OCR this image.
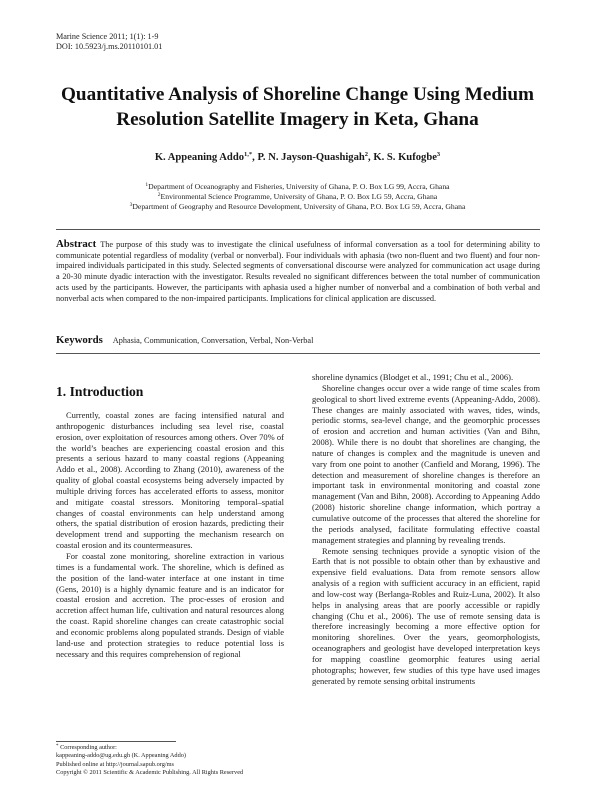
Marine Science 2011; 1(1): 1-9
DOI: 10.5923/j.ms.20110101.01
Quantitative Analysis of Shoreline Change Using Medium
Resolution Satellite Imagery in Keta, Ghana
K. Appeaning Addo$^{1,*}$, P. N. Jayson-Quashigah$^2$, K. S. Kufogbe$^3$
$^1$Department of Oceanography and Fisheries, University of Ghana, P. O. Box LG 99, Accra, Ghana
$^2$Environmental Science Programme, University of Ghana, P. O. Box LG 59, Accra, Ghana
$^3$Department of Geography and Resource Development, University of Ghana, P.O. Box LG 59, Accra, Ghana
Abstract The purpose of this study was to investigate the clinical usefulness of informal conversation as a tool for determining ability to communicate potential regardless of modality (verbal or nonverbal). Four individuals with aphasia (two non-fluent and two fluent) and four non-impaired individuals participated in this study. Selected segments of conversational discourse were analyzed for communication act usage during a 20-30 minute dyadic interaction with the investigator. Results revealed no significant differences between the total number of communication acts used by the participants. However, the participants with aphasia used a higher number of nonverbal and a combination of both verbal and nonverbal acts when compared to the non-impaired participants. Implications for clinical application are discussed.
Keywords Aphasia, Communication, Conversation, Verbal, Non-Verbal
1. Introduction

Currently, coastal zones are facing intensified natural and anthropogenic disturbances including sea level rise, coastal erosion, over exploitation of resources among others. Over 70% of the world’s beaches are experiencing coastal erosion and this presents a serious hazard to many coastal regions (Appeaning Addo et al., 2008). According to Zhang (2010), awareness of the quality of global coastal ecosystems being adversely impacted by multiple driving forces has accelerated efforts to assess, monitor and mitigate coastal stressors. Monitoring temporal–spatial changes of coastal environments can help understand among others, the spatial distribution of erosion hazards, predicting their development trend and supporting the mechanism research on coastal erosion and its countermeasures.

For coastal zone monitoring, shoreline extraction in various times is a fundamental work. The shoreline, which is defined as the position of the land-water interface at one instant in time (Gens, 2010) is a highly dynamic feature and is an indicator for coastal erosion and accretion. The proc-esses of erosion and accretion affect human life, cultivation and natural resources along the coast. Rapid shoreline changes can create catastrophic social and economic problems along populated strands. Design of viable land-use and protection strategies to reduce potential loss is necessary and this requires comprehension of regional

shoreline dynamics (Blodget et al., 1991; Chu et al., 2006).

Shoreline changes occur over a wide range of time scales from geological to short lived extreme events (Appeaning-Addo, 2008). These changes are mainly associated with waves, tides, winds, periodic storms, sea-level change, and the geomorphic processes of erosion and accretion and human activities (Van and Bihn, 2008). While there is no doubt that shorelines are changing, the nature of changes is complex and the magnitude is uneven and vary from one point to another (Canfield and Morang, 1996). The detection and measurement of shoreline changes is therefore an important task in environmental monitoring and coastal zone management (Van and Bihn, 2008). According to Appeaning Addo (2008) historic shoreline change information, which portray a cumulative outcome of the processes that altered the shoreline for the periods analysed, facilitate formulating effective coastal management strategies and planning by revealing trends.

Remote sensing techniques provide a synoptic vision of the Earth that is not possible to obtain other than by exhaustive and expensive field evaluations. Data from remote sensors allow analysis of a region with sufficient accuracy in an efficient, rapid and low-cost way (Berlanga-Robles and Ruiz-Luna, 2002). It also helps in analysing areas that are poorly accessible or rapidly changing (Chu et al., 2006). The use of remote sensing data is therefore increasingly becoming a more effective option for monitoring shorelines. Over the years, geomorphologists, oceanographers and geologist have developed interpretation keys for mapping coastline geomorphic features using aerial photographs; however, few studies of this type have used images generated by remote sensing orbital instruments

* Corresponding author:
kappeaning-addo@ug.edu.gh (K. Appeaning Addo)
Published online at http://journal.sapub.org/ms
Copyright © 2011 Scientific & Academic Publishing. All Rights Reserved
